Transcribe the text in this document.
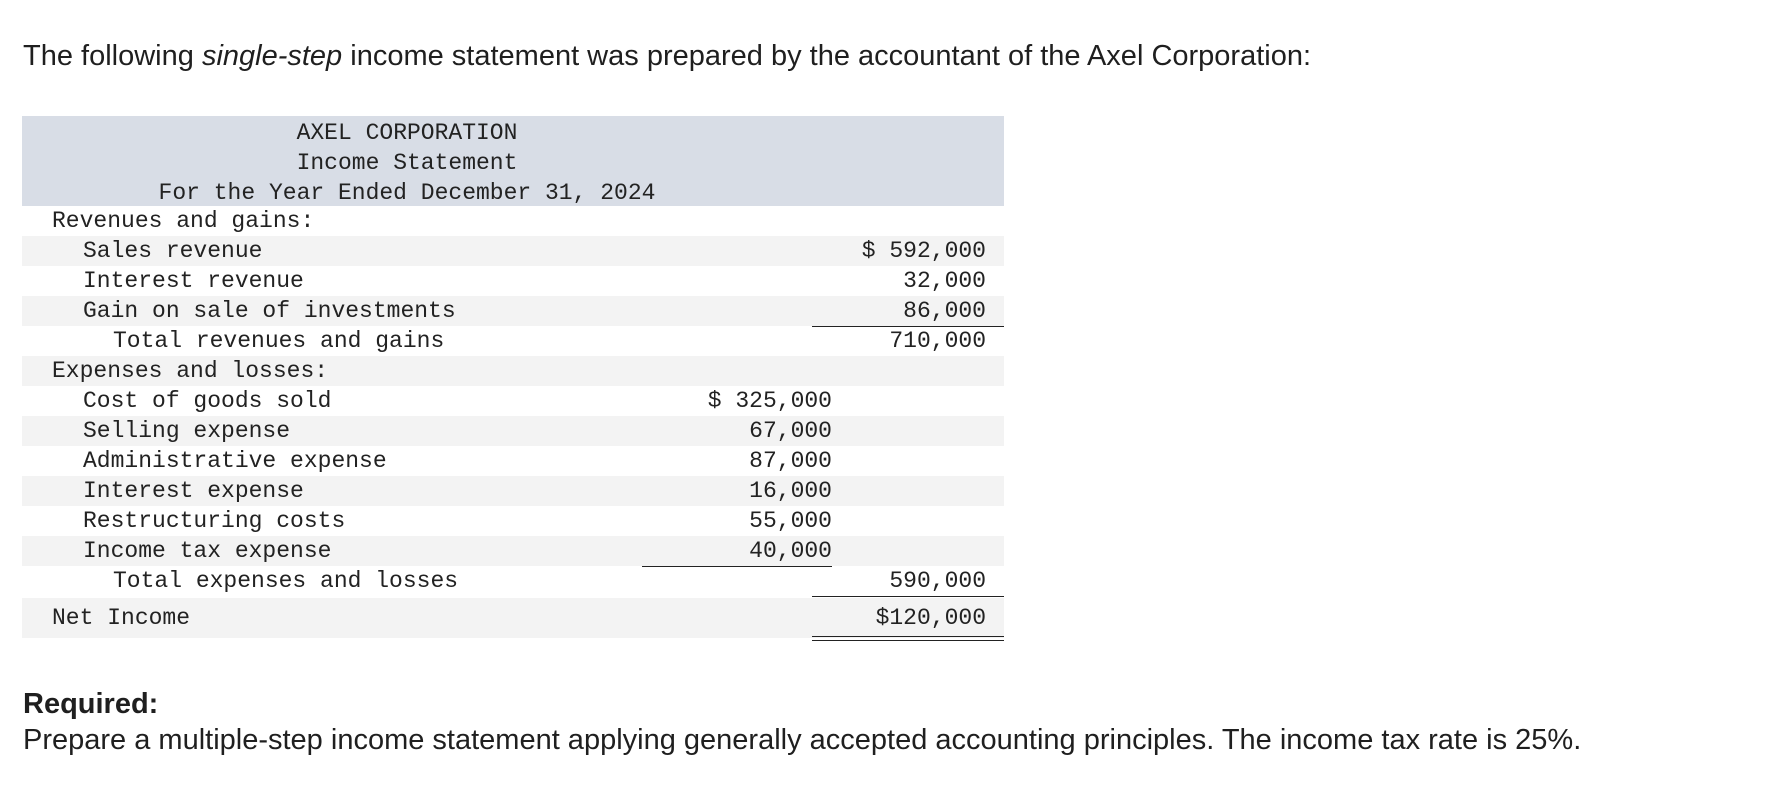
The following single-step income statement was prepared by the accountant of the Axel Corporation:

AXEL CORPORATION
Income Statement
For the Year Ended December 31, 2024
Revenues and gains:
Sales revenue	$ 592,000
Interest revenue	32,000
Gain on sale of investments	86,000
Total revenues and gains	710,000
Expenses and losses:
Cost of goods sold	$ 325,000
Selling expense	67,000
Administrative expense	87,000
Interest expense	16,000
Restructuring costs	55,000
Income tax expense	40,000
Total expenses and losses	590,000
Net Income	$120,000
Required:
Prepare a multiple-step income statement applying generally accepted accounting principles. The income tax rate is 25%.
